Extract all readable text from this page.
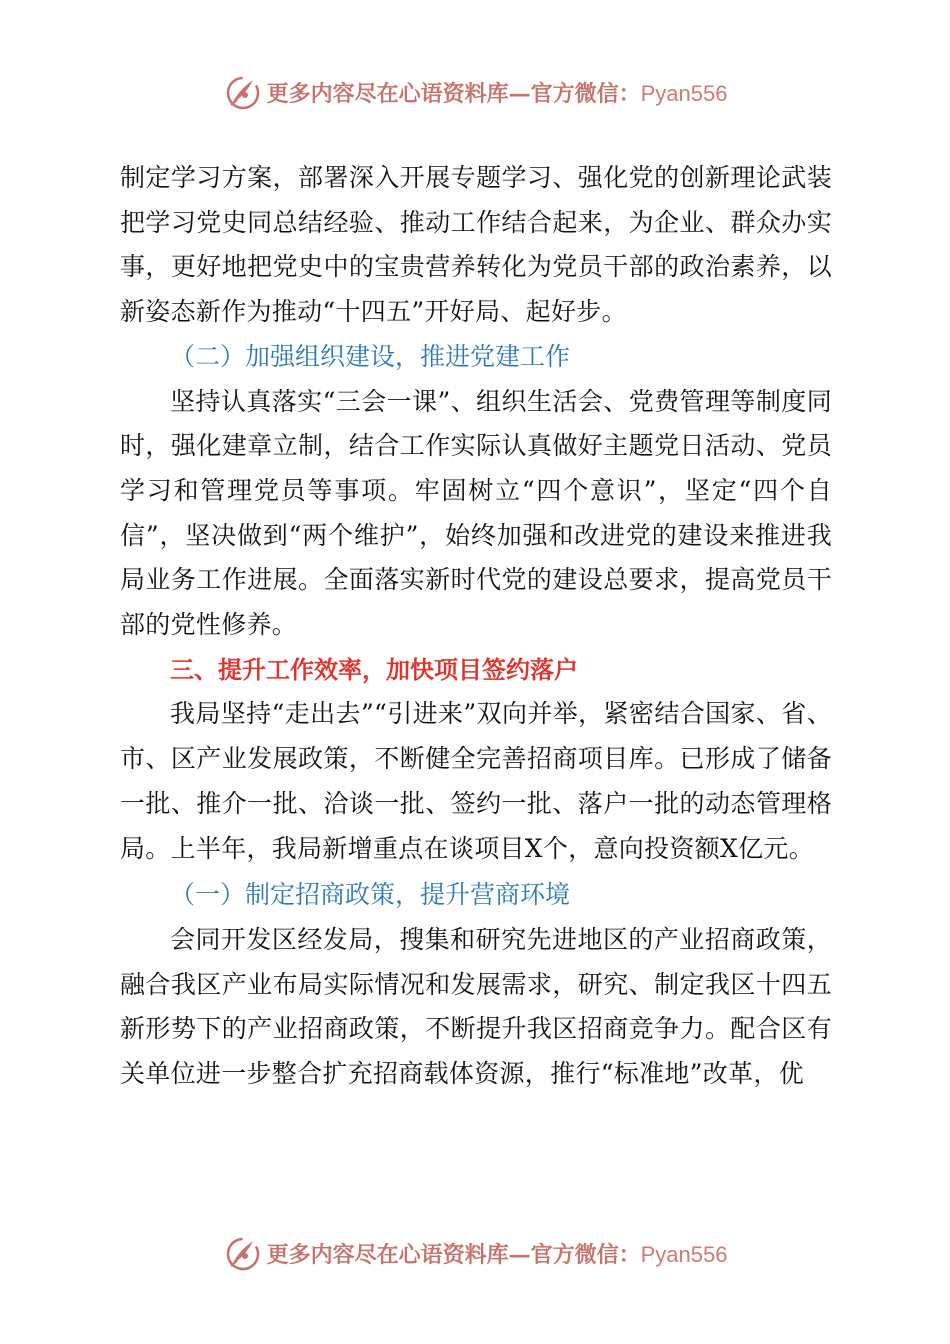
更多内容尽在心语资料库—官方微信：Pyan556

制定学习方案，部署深入开展专题学习、强化党的创新理论武装把学习党史同总结经验、推动工作结合起来，为企业、群众办实事，更好地把党史中的宝贵营养转化为党员干部的政治素养，以新姿态新作为推动“十四五”开好局、起好步。

（二）加强组织建设，推进党建工作

坚持认真落实“三会一课”、组织生活会、党费管理等制度同时，强化建章立制，结合工作实际认真做好主题党日活动、党员学习和管理党员等事项。牢固树立“四个意识”，坚定“四个自信”，坚决做到“两个维护”，始终加强和改进党的建设来推进我局业务工作进展。全面落实新时代党的建设总要求，提高党员干部的党性修养。

三、提升工作效率，加快项目签约落户

我局坚持“走出去”“引进来”双向并举，紧密结合国家、省、市、区产业发展政策，不断健全完善招商项目库。已形成了储备一批、推介一批、洽谈一批、签约一批、落户一批的动态管理格局。上半年，我局新增重点在谈项目X个，意向投资额X亿元。

（一）制定招商政策，提升营商环境

会同开发区经发局，搜集和研究先进地区的产业招商政策，融合我区产业布局实际情况和发展需求，研究、制定我区十四五新形势下的产业招商政策，不断提升我区招商竞争力。配合区有关单位进一步整合扩充招商载体资源，推行“标准地”改革，优

更多内容尽在心语资料库—官方微信：Pyan556
